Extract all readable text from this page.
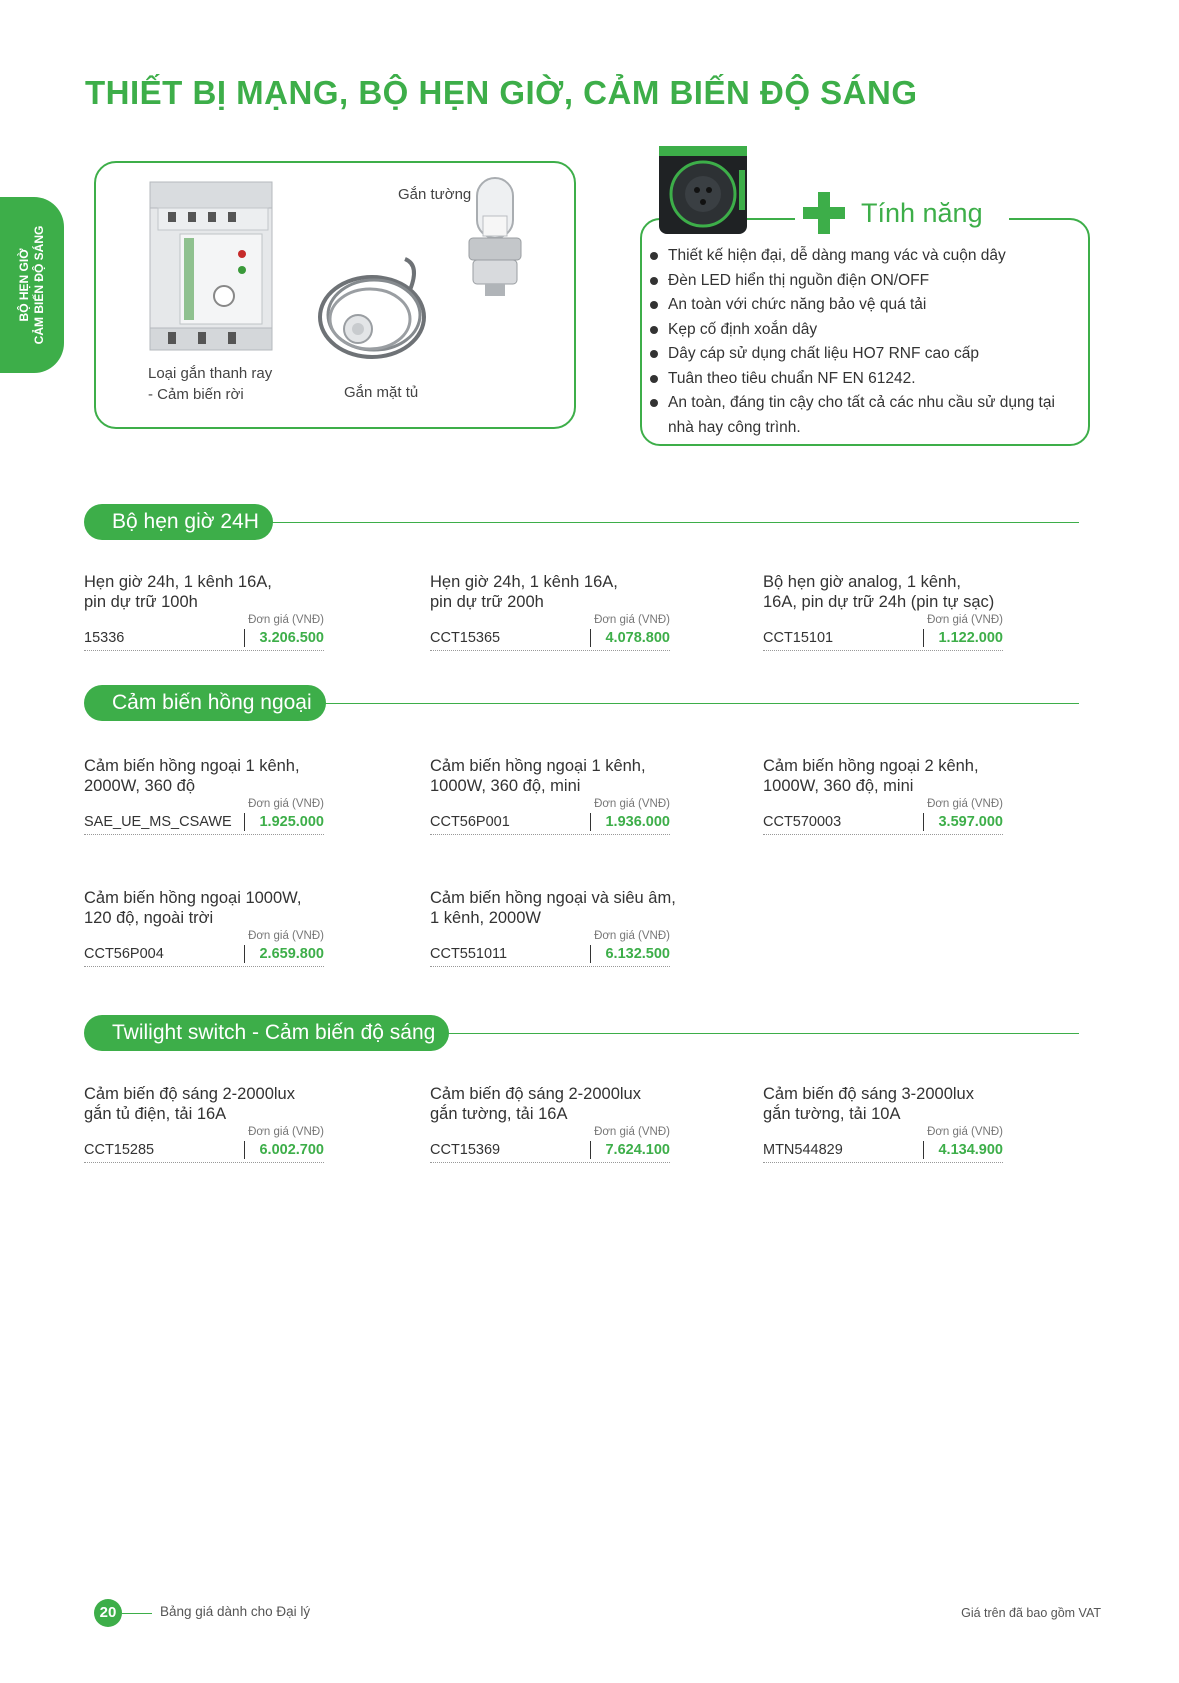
THIẾT BỊ MẠNG, BỘ HẸN GIỜ, CẢM BIẾN ĐỘ SÁNG
BỘ HẸN GIỜ CẢM BIẾN ĐỘ SÁNG
Loại gắn thanh ray
- Cảm biến rời
Gắn tường
Gắn mặt tủ
Tính năng
Thiết kế hiện đại, dễ dàng mang vác và cuộn dây
Đèn LED hiển thị nguồn điện ON/OFF
An toàn với chức năng bảo vệ quá tải
Kẹp cố định xoắn dây
Dây cáp sử dụng chất liệu HO7 RNF cao cấp
Tuân theo tiêu chuẩn NF EN 61242.
An toàn, đáng tin cậy cho tất cả các nhu cầu sử dụng tại nhà hay công trình.
Bộ hẹn giờ 24H
Hẹn giờ 24h, 1 kênh 16A,
pin dự trữ 100h
Đơn giá (VNĐ)
15336	3.206.500
Hẹn giờ 24h, 1 kênh 16A,
pin dự trữ 200h
Đơn giá (VNĐ)
CCT15365	4.078.800
Bộ hẹn giờ analog, 1 kênh,
16A, pin dự trữ 24h (pin tự sạc)
Đơn giá (VNĐ)
CCT15101	1.122.000
Cảm biến hồng ngoại
Cảm biến hồng ngoại 1 kênh,
2000W, 360 độ
Đơn giá (VNĐ)
SAE_UE_MS_CSAWE	1.925.000
Cảm biến hồng ngoại 1 kênh,
1000W, 360 độ, mini
Đơn giá (VNĐ)
CCT56P001	1.936.000
Cảm biến hồng ngoại 2 kênh,
1000W, 360 độ, mini
Đơn giá (VNĐ)
CCT570003	3.597.000
Cảm biến hồng ngoại 1000W,
120 độ, ngoài trời
Đơn giá (VNĐ)
CCT56P004	2.659.800
Cảm biến hồng ngoại và siêu âm,
1 kênh, 2000W
Đơn giá (VNĐ)
CCT551011	6.132.500
Twilight switch - Cảm biến độ sáng
Cảm biến độ sáng 2-2000lux
gắn tủ điện, tải 16A
Đơn giá (VNĐ)
CCT15285	6.002.700
Cảm biến độ sáng 2-2000lux
gắn tường, tải 16A
Đơn giá (VNĐ)
CCT15369	7.624.100
Cảm biến độ sáng 3-2000lux
gắn tường, tải 10A
Đơn giá (VNĐ)
MTN544829	4.134.900
20	Bảng giá dành cho Đại lý	Giá trên đã bao gồm VAT
